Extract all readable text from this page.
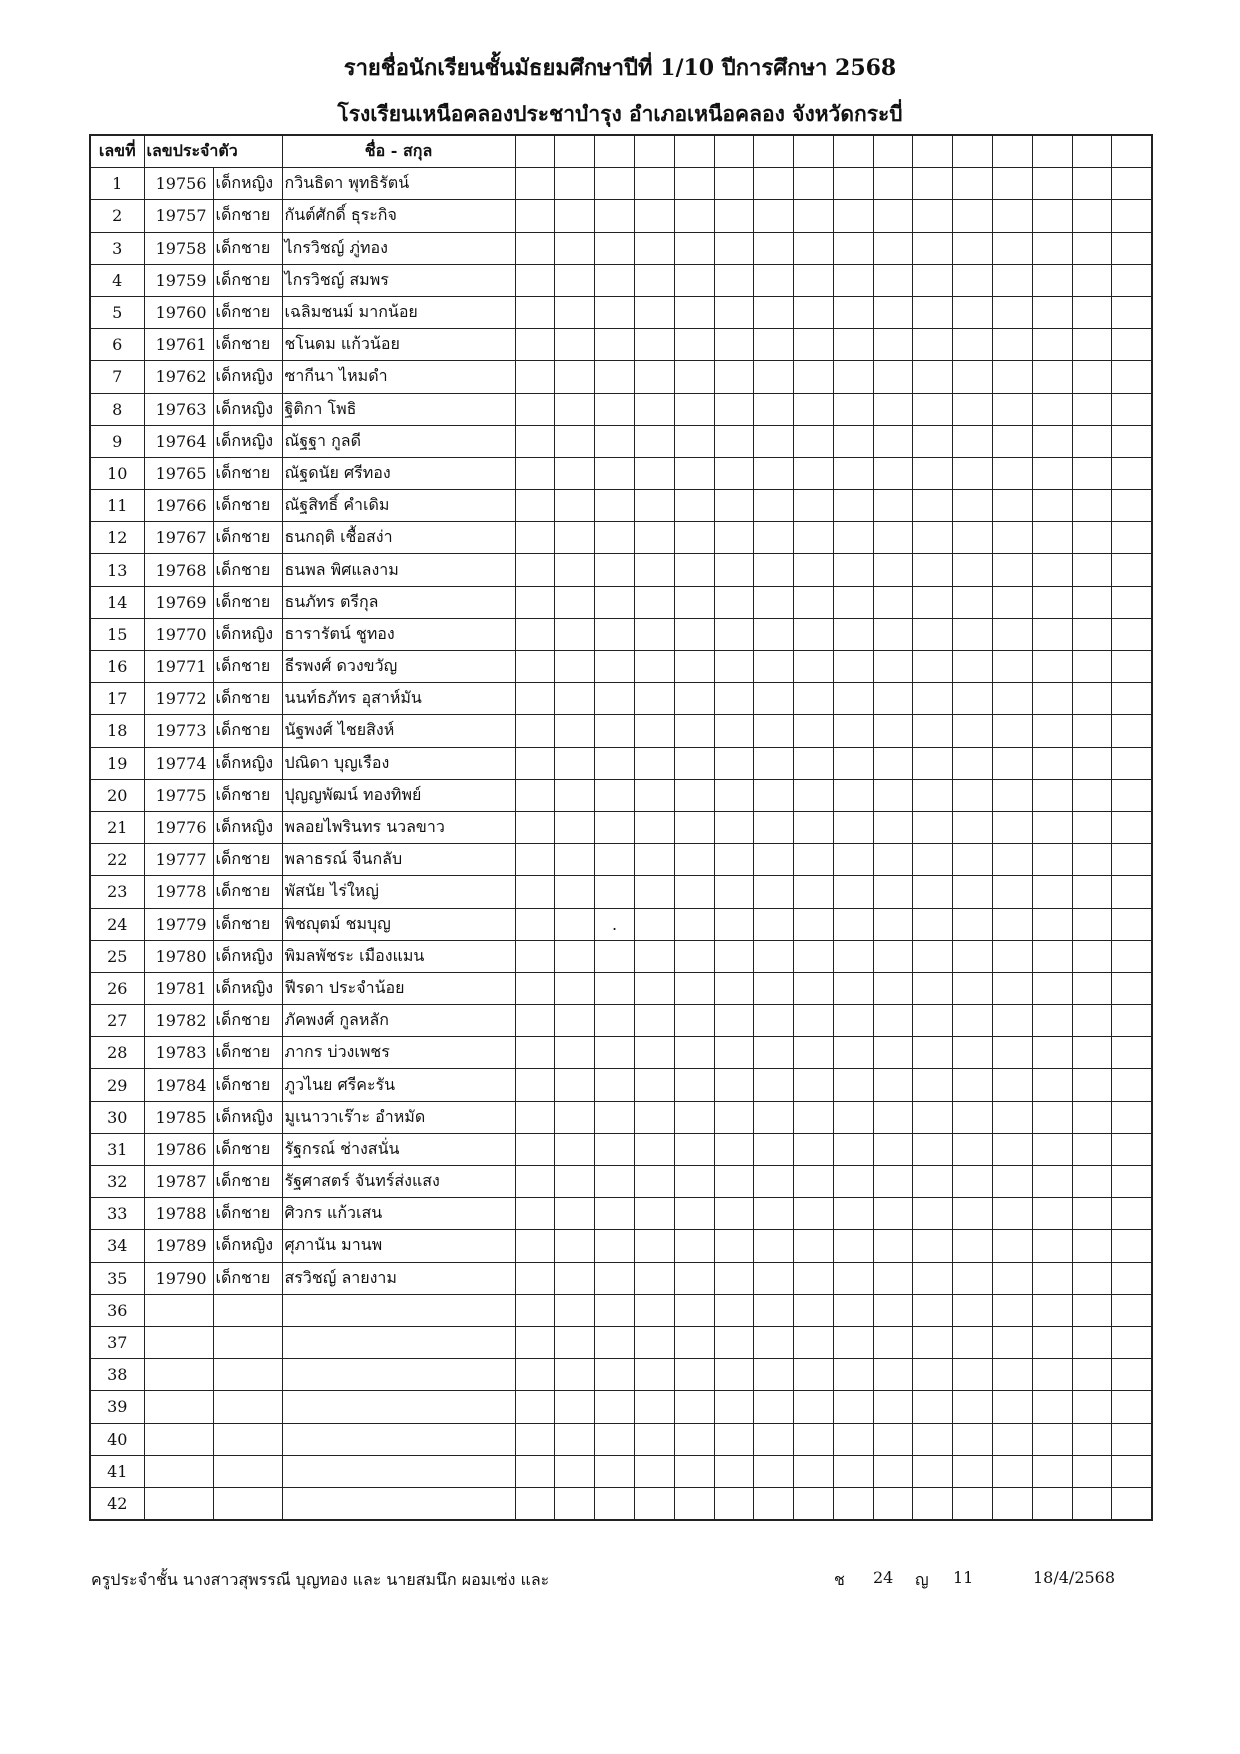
รายชื่อนักเรียนชั้นมัธยมศึกษาปีที่ 1/10 ปีการศึกษา 2568
โรงเรียนเหนือคลองประชาบำรุง อำเภอเหนือคลอง จังหวัดกระบี่
เลขที่	เลขประจำตัว		ชื่อ - สกุล																
1	19756	เด็กหญิง	กวินธิดา พุทธิรัตน์																
2	19757	เด็กชาย	กันต์ศักดิ์ ธุระกิจ																
3	19758	เด็กชาย	ไกรวิชญ์ ภู่ทอง																
4	19759	เด็กชาย	ไกรวิชญ์ สมพร																
5	19760	เด็กชาย	เฉลิมชนม์ มากน้อย																
6	19761	เด็กชาย	ชโนดม แก้วน้อย																
7	19762	เด็กหญิง	ซากีนา ไหมดำ																
8	19763	เด็กหญิง	ฐิติกา โพธิ																
9	19764	เด็กหญิง	ณัฐฐา กูลดี																
10	19765	เด็กชาย	ณัฐดนัย ศรีทอง																
11	19766	เด็กชาย	ณัฐสิทธิ์ คำเดิม																
12	19767	เด็กชาย	ธนกฤติ เชื้อสง่า																
13	19768	เด็กชาย	ธนพล พิศแลงาม																
14	19769	เด็กชาย	ธนภัทร ตรีกุล																
15	19770	เด็กหญิง	ธารารัตน์ ชูทอง																
16	19771	เด็กชาย	ธีรพงศ์ ดวงขวัญ																
17	19772	เด็กชาย	นนท์ธภัทร อุสาห์มัน																
18	19773	เด็กชาย	นัฐพงศ์ ไชยสิงห์																
19	19774	เด็กหญิง	ปณิดา บุญเรือง																
20	19775	เด็กชาย	ปุญญพัฒน์ ทองทิพย์																
21	19776	เด็กหญิง	พลอยไพรินทร นวลขาว																
22	19777	เด็กชาย	พลาธรณ์ จีนกลับ																
23	19778	เด็กชาย	พัสนัย ไร่ใหญ่																
24	19779	เด็กชาย	พิชญุตม์ ชมบุญ			.													
25	19780	เด็กหญิง	พิมลพัชระ เมืองแมน																
26	19781	เด็กหญิง	ฟีรดา ประจำน้อย																
27	19782	เด็กชาย	ภัคพงศ์ กูลหลัก																
28	19783	เด็กชาย	ภากร บ่วงเพชร																
29	19784	เด็กชาย	ภูวไนย ศรีคะรัน																
30	19785	เด็กหญิง	มูเนาวาเร๊าะ อำหมัด																
31	19786	เด็กชาย	รัฐกรณ์ ช่างสนั่น																
32	19787	เด็กชาย	รัฐศาสตร์ จันทร์ส่งแสง																
33	19788	เด็กชาย	ศิวกร แก้วเสน																
34	19789	เด็กหญิง	ศุภานัน มานพ																
35	19790	เด็กชาย	สรวิชญ์ ลายงาม																
36																			
37																			
38																			
39																			
40																			
41																			
42																			
ครูประจำชั้น นางสาวสุพรรณี บุญทอง และ นายสมนึก ผอมเซ่ง และ	ช 24 ญ 11	18/4/2568
